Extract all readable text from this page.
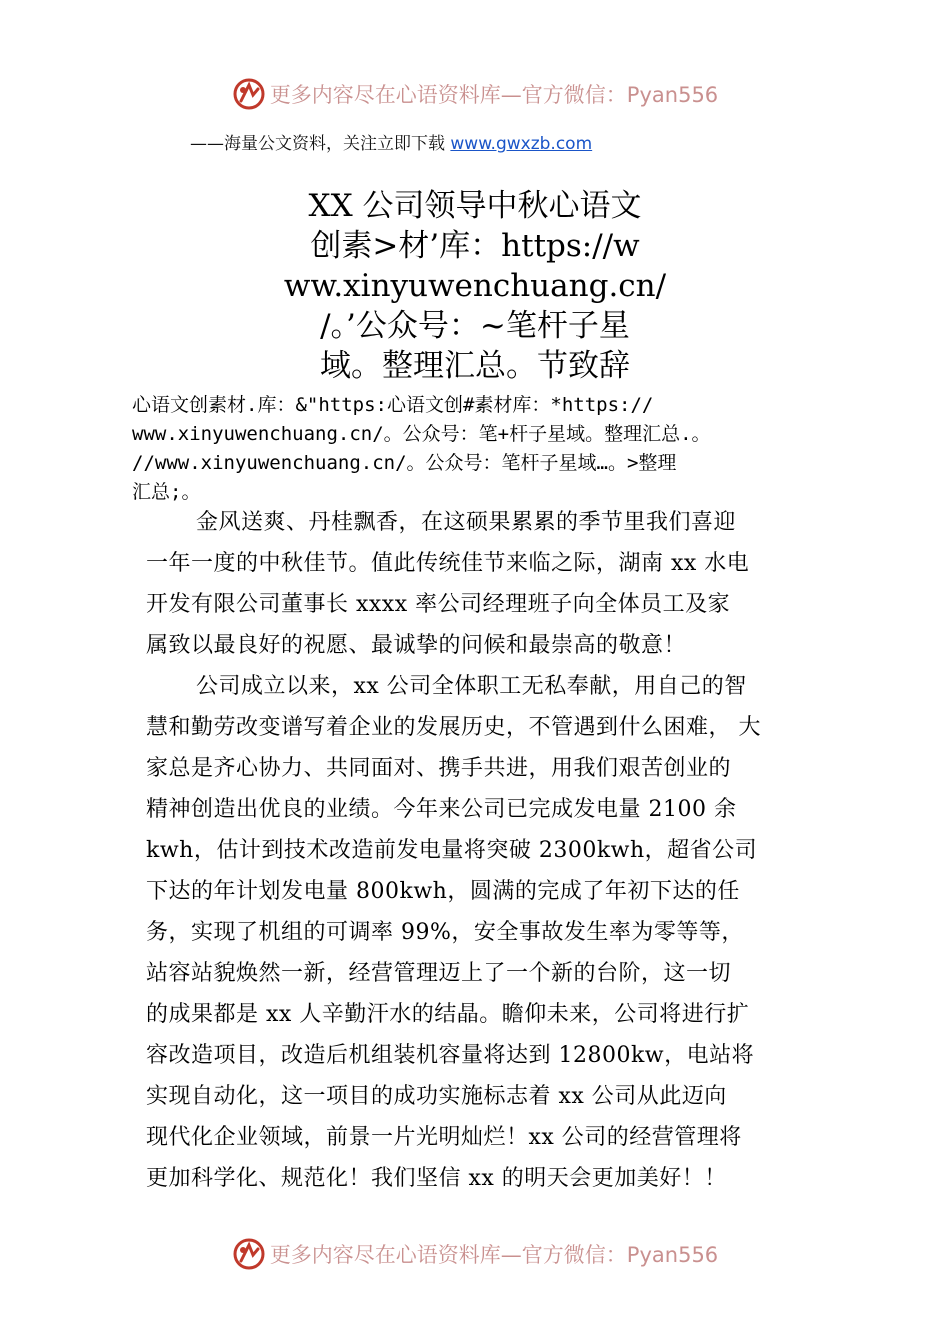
更多内容尽在心语资料库—官方微信：Pyan556
——海量公文资料，关注立即下载 www.gwxzb.com
XX 公司领导中秋心语文
创素>材’库：https://w
ww.xinyuwenchuang.cn/
/。’公众号：~笔杆子星
域。整理汇总。节致辞
心语文创素材.库：&"https:心语文创#素材库：*https://
www.xinyuwenchuang.cn/。公众号：笔+杆子星域。整理汇总.。
//www.xinyuwenchuang.cn/。公众号：笔杆子星域…。>整理
汇总;。
金风送爽、丹桂飘香，在这硕果累累的季节里我们喜迎
一年一度的中秋佳节。值此传统佳节来临之际，湖南 xx 水电
开发有限公司董事长 xxxx 率公司经理班子向全体员工及家
属致以最良好的祝愿、最诚挚的问候和最崇高的敬意！
公司成立以来，xx 公司全体职工无私奉献，用自己的智
慧和勤劳改变谱写着企业的发展历史，不管遇到什么困难， 大
家总是齐心协力、共同面对、携手共进，用我们艰苦创业的
精神创造出优良的业绩。今年来公司已完成发电量 2100 余
kwh，估计到技术改造前发电量将突破 2300kwh，超省公司
下达的年计划发电量 800kwh，圆满的完成了年初下达的任
务，实现了机组的可调率 99%，安全事故发生率为零等等，
站容站貌焕然一新，经营管理迈上了一个新的台阶，这一切
的成果都是 xx 人辛勤汗水的结晶。瞻仰未来，公司将进行扩
容改造项目，改造后机组装机容量将达到 12800kw，电站将
实现自动化，这一项目的成功实施标志着 xx 公司从此迈向
现代化企业领域，前景一片光明灿烂！xx 公司的经营管理将
更加科学化、规范化！我们坚信 xx 的明天会更加美好！！
更多内容尽在心语资料库—官方微信：Pyan556
